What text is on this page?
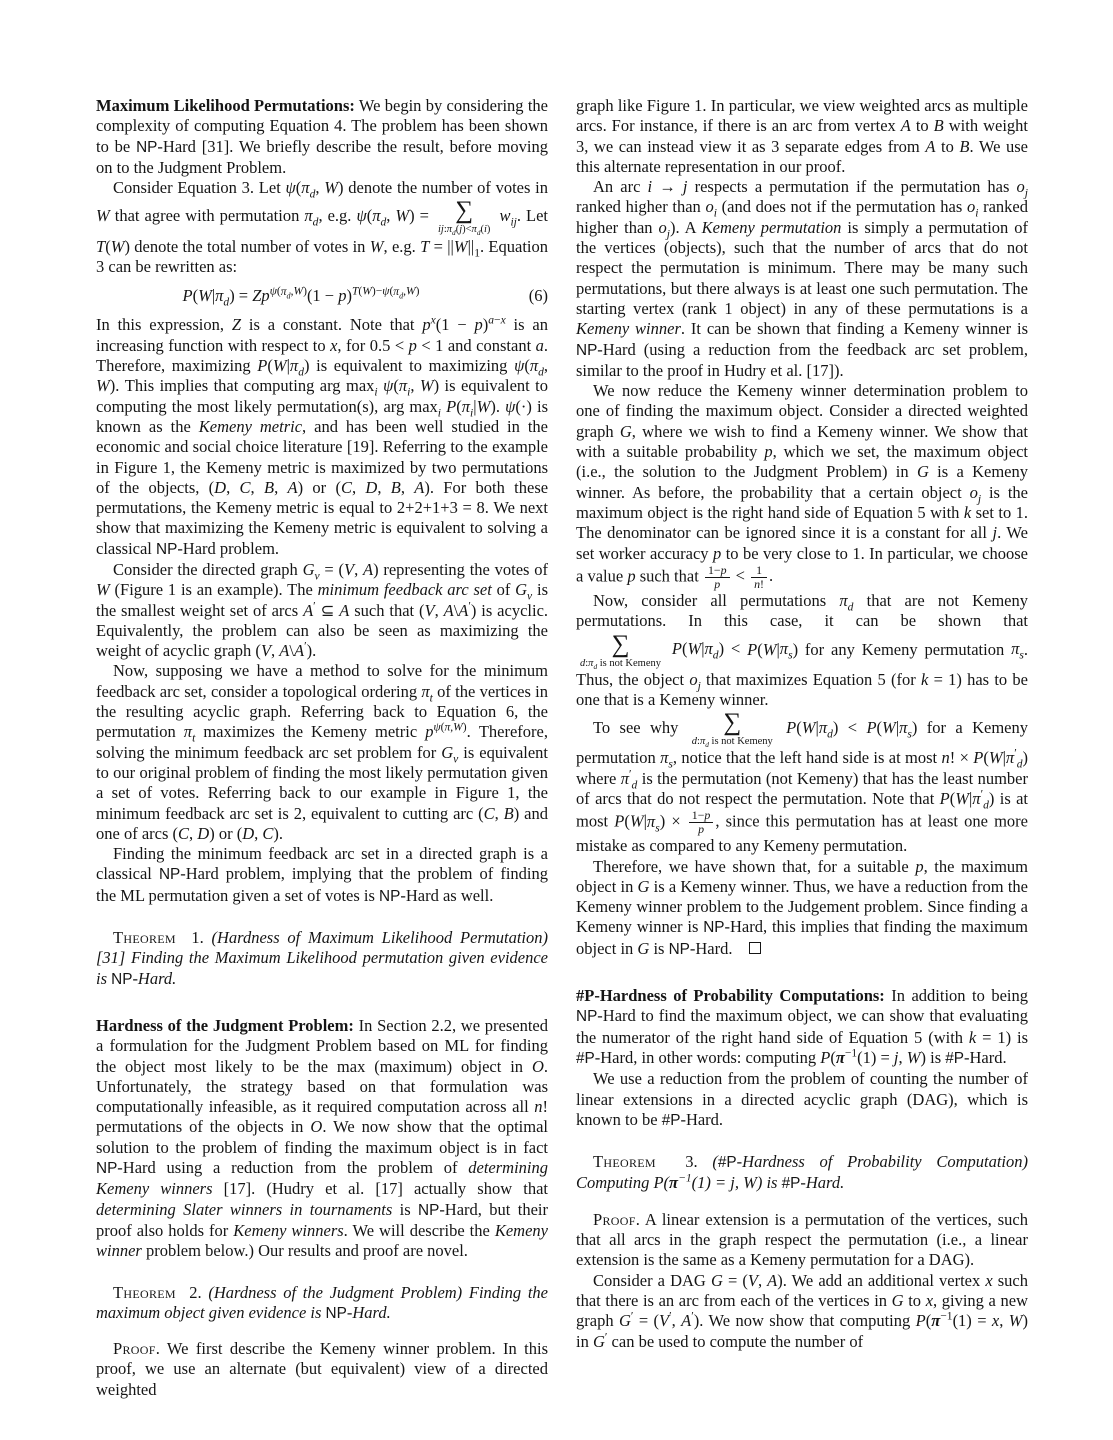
Maximum Likelihood Permutations: We begin by considering the complexity of computing Equation 4. The problem has been shown to be NP-Hard [31]. We briefly describe the result, before moving on to the Judgment Problem.

Consider Equation 3. Let $\psi(\pi_d$, W) denote the number of votes in W that agree with permutation $\pi_d$, e.g. $\psi(\pi_d$, W) = ∑
$ij:\pi_d(j)<\pi_d(i)$
$w_{ij}$. Let T(W) denote the total number of votes in W, e.g. $T = ||W||_1$. Equation 3 can be rewritten as:

$P(W|\pi_d) = Zp^{\psi(\pi_d,W)}(1 - p)^{T(W)-\psi(\pi_d,W)}$	(6)

In this expression, Z is a constant. Note that $p^x(1 - p)^{a-x}$ is an increasing function with respect to x, for 0.5 < p < 1 and constant a. Therefore, maximizing $P(W|\pi_d)$ is equivalent to maximizing $\psi(\pi_d$, W). This implies that computing arg $\max_i \psi(\pi_i$, W) is equivalent to computing the most likely permutation(s), arg $\max_i P(\pi_i|W)$. ψ(·) is known as the Kemeny metric, and has been well studied in the economic and social choice literature [19]. Referring to the example in Figure 1, the Kemeny metric is maximized by two permutations of the objects, (D, C, B, A) or (C, D, B, A). For both these permutations, the Kemeny metric is equal to 2+2+1+3 = 8. We next show that maximizing the Kemeny metric is equivalent to solving a classical NP-Hard problem.

Consider the directed graph $G_v = (V$, A) representing the votes of W (Figure 1 is an example). The minimum feedback arc set of $G_v$ is the smallest weight set of arcs A′ ⊆ A such that (V, A\A′) is acyclic. Equivalently, the problem can also be seen as maximizing the weight of acyclic graph (V, A\A′).

Now, supposing we have a method to solve for the minimum feedback arc set, consider a topological ordering $\pi_t$ of the vertices in the resulting acyclic graph. Referring back to Equation 6, the permutation $\pi_t$ maximizes the Kemeny metric $p^{\psi(\pi,W)}$. Therefore, solving the minimum feedback arc set problem for $G_v$ is equivalent to our original problem of finding the most likely permutation given a set of votes. Referring back to our example in Figure 1, the minimum feedback arc set is 2, equivalent to cutting arc (C, B) and one of arcs (C, D) or (D, C).

Finding the minimum feedback arc set in a directed graph is a classical NP-Hard problem, implying that the problem of finding the ML permutation given a set of votes is NP-Hard as well.

Theorem  1. (Hardness of Maximum Likelihood Permutation) [31] Finding the Maximum Likelihood permutation given evidence is NP-Hard.

Hardness of the Judgment Problem: In Section 2.2, we presented a formulation for the Judgment Problem based on ML for finding the object most likely to be the max (maximum) object in O. Unfortunately, the strategy based on that formulation was computationally infeasible, as it required computation across all n! permutations of the objects in O. We now show that the optimal solution to the problem of finding the maximum object is in fact NP-Hard using a reduction from the problem of determining Kemeny winners [17]. (Hudry et al. [17] actually show that determining Slater winners in tournaments is NP-Hard, but their proof also holds for Kemeny winners. We will describe the Kemeny winner problem below.) Our results and proof are novel.

Theorem  2. (Hardness of the Judgment Problem) Finding the maximum object given evidence is NP-Hard.

Proof. We first describe the Kemeny winner problem. In this proof, we use an alternate (but equivalent) view of a directed weighted

graph like Figure 1. In particular, we view weighted arcs as multiple arcs. For instance, if there is an arc from vertex A to B with weight 3, we can instead view it as 3 separate edges from A to B. We use this alternate representation in our proof.

An arc i → j respects a permutation if the permutation has $o_j$ ranked higher than $o_i$ (and does not if the permutation has $o_i$ ranked higher than $o_j$). A Kemeny permutation is simply a permutation of the vertices (objects), such that the number of arcs that do not respect the permutation is minimum. There may be many such permutations, but there always is at least one such permutation. The starting vertex (rank 1 object) in any of these permutations is a Kemeny winner. It can be shown that finding a Kemeny winner is NP-Hard (using a reduction from the feedback arc set problem, similar to the proof in Hudry et al. [17]).

We now reduce the Kemeny winner determination problem to one of finding the maximum object. Consider a directed weighted graph G, where we wish to find a Kemeny winner. We show that with a suitable probability p, which we set, the maximum object (i.e., the solution to the Judgment Problem) in G is a Kemeny winner. As before, the probability that a certain object $o_j$ is the maximum object is the right hand side of Equation 5 with k set to 1. The denominator can be ignored since it is a constant for all j. We set worker accuracy p to be very close to 1. In particular, we choose a value p such that $\frac{1-p}{p} < \frac{1}{n!}$ .

Now, consider all permutations $\pi_d$ that are not Kemeny permutations. In this case, it can be shown that
∑
$d:\pi_d$ is not Kemeny
$P(W|\pi_d) < P(W|\pi_s)$ for any Kemeny permutation $\pi_s$. Thus, the object $o_j$ that maximizes Equation 5 (for k = 1) has to be one that is a Kemeny winner.

To see why	∑
$d:\pi_d$ is not Kemeny
$P(W|\pi_d) < P(W|\pi_s)$ for a Kemeny permutation $\pi_s$, notice that the left hand side is at most n! × $P(W|\pi'_d)$ where $\pi'_d$ is the permutation (not Kemeny) that has the least number of arcs that do not respect the permutation. Note that $P(W|\pi'_d)$ is at most $P(W|\pi_s) \times \frac{1-p}{p}$ , since this permutation has at least one more mistake as compared to any Kemeny permutation.

Therefore, we have shown that, for a suitable p, the maximum object in G is a Kemeny winner. Thus, we have a reduction from the Kemeny winner problem to the Judgement problem. Since finding a Kemeny winner is NP-Hard, this implies that finding the maximum object in G is NP-Hard.

#P-Hardness of Probability Computations: In addition to being NP-Hard to find the maximum object, we can show that evaluating the numerator of the right hand side of Equation 5 (with k = 1) is #P-Hard, in other words: computing $P(\pi^{-1}(1) = j$, W) is #P-Hard.

We use a reduction from the problem of counting the number of linear extensions in a directed acyclic graph (DAG), which is known to be #P-Hard.

Theorem  3. (#P-Hardness of Probability Computation) Computing $P(\pi^{-1}(1) = j$, W) is #P-Hard.

Proof. A linear extension is a permutation of the vertices, such that all arcs in the graph respect the permutation (i.e., a linear extension is the same as a Kemeny permutation for a DAG).

Consider a DAG G = (V, A). We add an additional vertex x such that there is an arc from each of the vertices in G to x, giving a new graph G′ = (V′, A′). We now show that computing $P(\pi^{-1}(1) = x$, W) in G′ can be used to compute the number of
